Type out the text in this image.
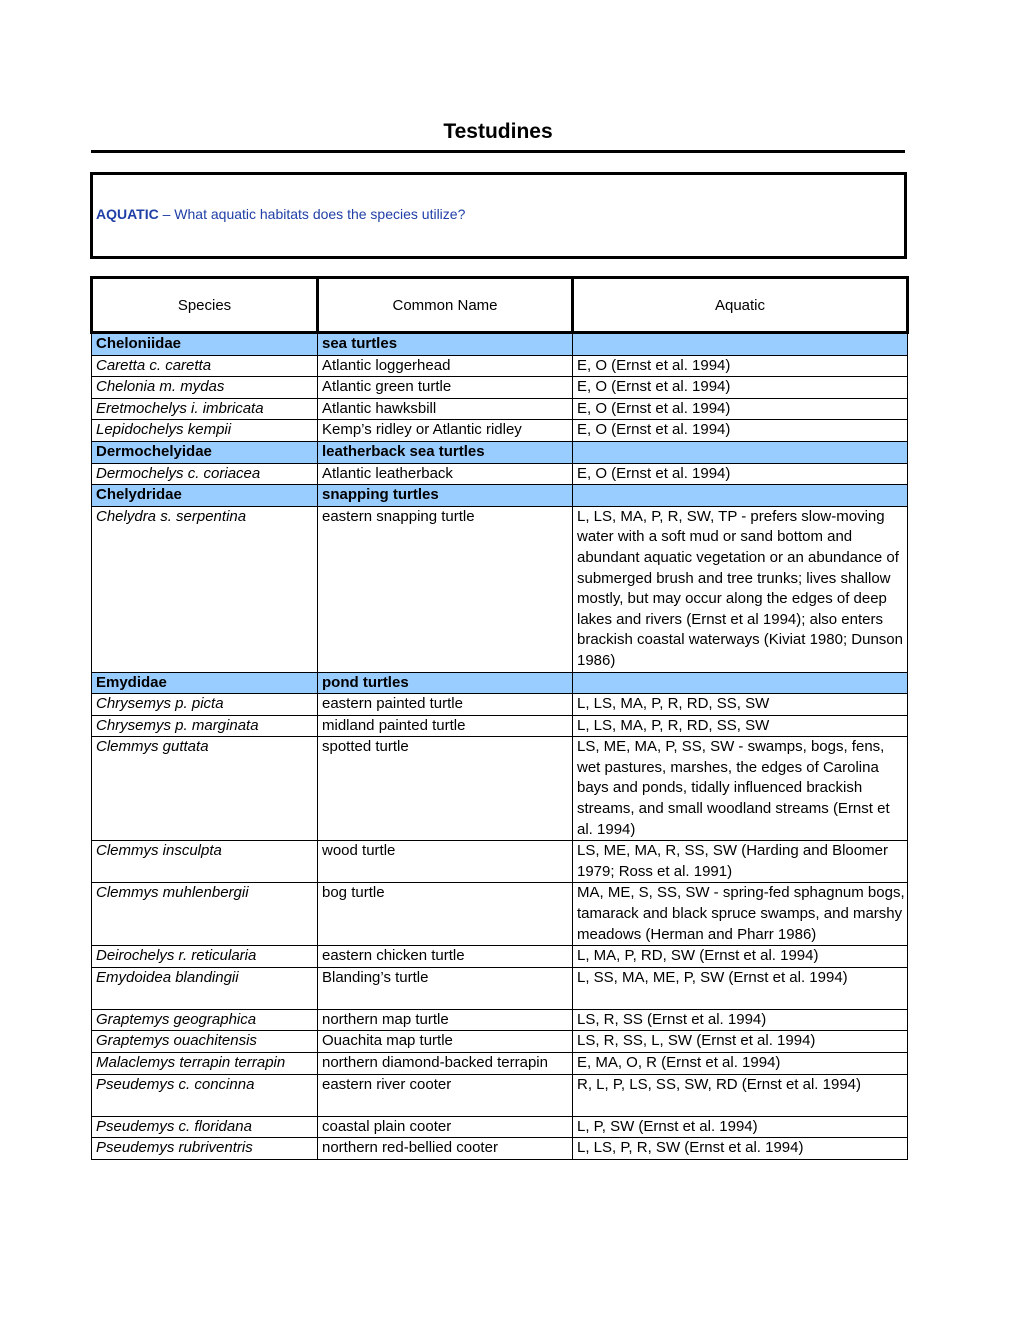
Testudines
AQUATIC – What aquatic habitats does the species utilize?
Species	Common Name	Aquatic
Cheloniidae	sea turtles	
Caretta c. caretta	Atlantic loggerhead	E, O (Ernst et al. 1994)
Chelonia m. mydas	Atlantic green turtle	E, O (Ernst et al. 1994)
Eretmochelys i. imbricata	Atlantic hawksbill	E, O (Ernst et al. 1994)
Lepidochelys kempii	Kemp’s ridley or Atlantic ridley	E, O (Ernst et al. 1994)
Dermochelyidae	leatherback sea turtles	
Dermochelys c. coriacea	Atlantic leatherback	E, O (Ernst et al. 1994)
Chelydridae	snapping turtles	
Chelydra s. serpentina	eastern snapping turtle	L, LS, MA, P, R, SW, TP - prefers slow-moving water with a soft mud or sand bottom and abundant aquatic vegetation or an abundance of submerged brush and tree trunks; lives shallow mostly, but may occur along the edges of deep lakes and rivers (Ernst et al 1994); also enters brackish coastal waterways (Kiviat 1980; Dunson 1986)
Emydidae	pond turtles	
Chrysemys p. picta	eastern painted turtle	L, LS, MA, P, R, RD, SS, SW
Chrysemys p. marginata	midland painted turtle	L, LS, MA, P, R, RD, SS, SW
Clemmys guttata	spotted turtle	LS, ME, MA, P, SS, SW - swamps, bogs, fens, wet pastures, marshes, the edges of Carolina bays and ponds, tidally influenced brackish streams, and small woodland streams (Ernst et al. 1994)
Clemmys insculpta	wood turtle	LS, ME, MA, R, SS, SW (Harding and Bloomer 1979; Ross et al. 1991)
Clemmys muhlenbergii	bog turtle	MA, ME, S, SS, SW - spring-fed sphagnum bogs, tamarack and black spruce swamps, and marshy meadows (Herman and Pharr 1986)
Deirochelys r. reticularia	eastern chicken turtle	L, MA, P, RD, SW (Ernst et al. 1994)
Emydoidea blandingii	Blanding’s turtle	L, SS, MA, ME, P, SW (Ernst et al. 1994)
Graptemys geographica	northern map turtle	LS, R, SS (Ernst et al. 1994)
Graptemys ouachitensis	Ouachita map turtle	LS, R, SS, L, SW (Ernst et al. 1994)
Malaclemys terrapin terrapin	northern diamond-backed terrapin	E, MA, O, R (Ernst et al. 1994)
Pseudemys c. concinna	eastern river cooter	R, L, P, LS, SS, SW, RD (Ernst et al. 1994)
Pseudemys c. floridana	coastal plain cooter	L, P, SW (Ernst et al. 1994)
Pseudemys rubriventris	northern red-bellied cooter	L, LS, P, R, SW (Ernst et al. 1994)
